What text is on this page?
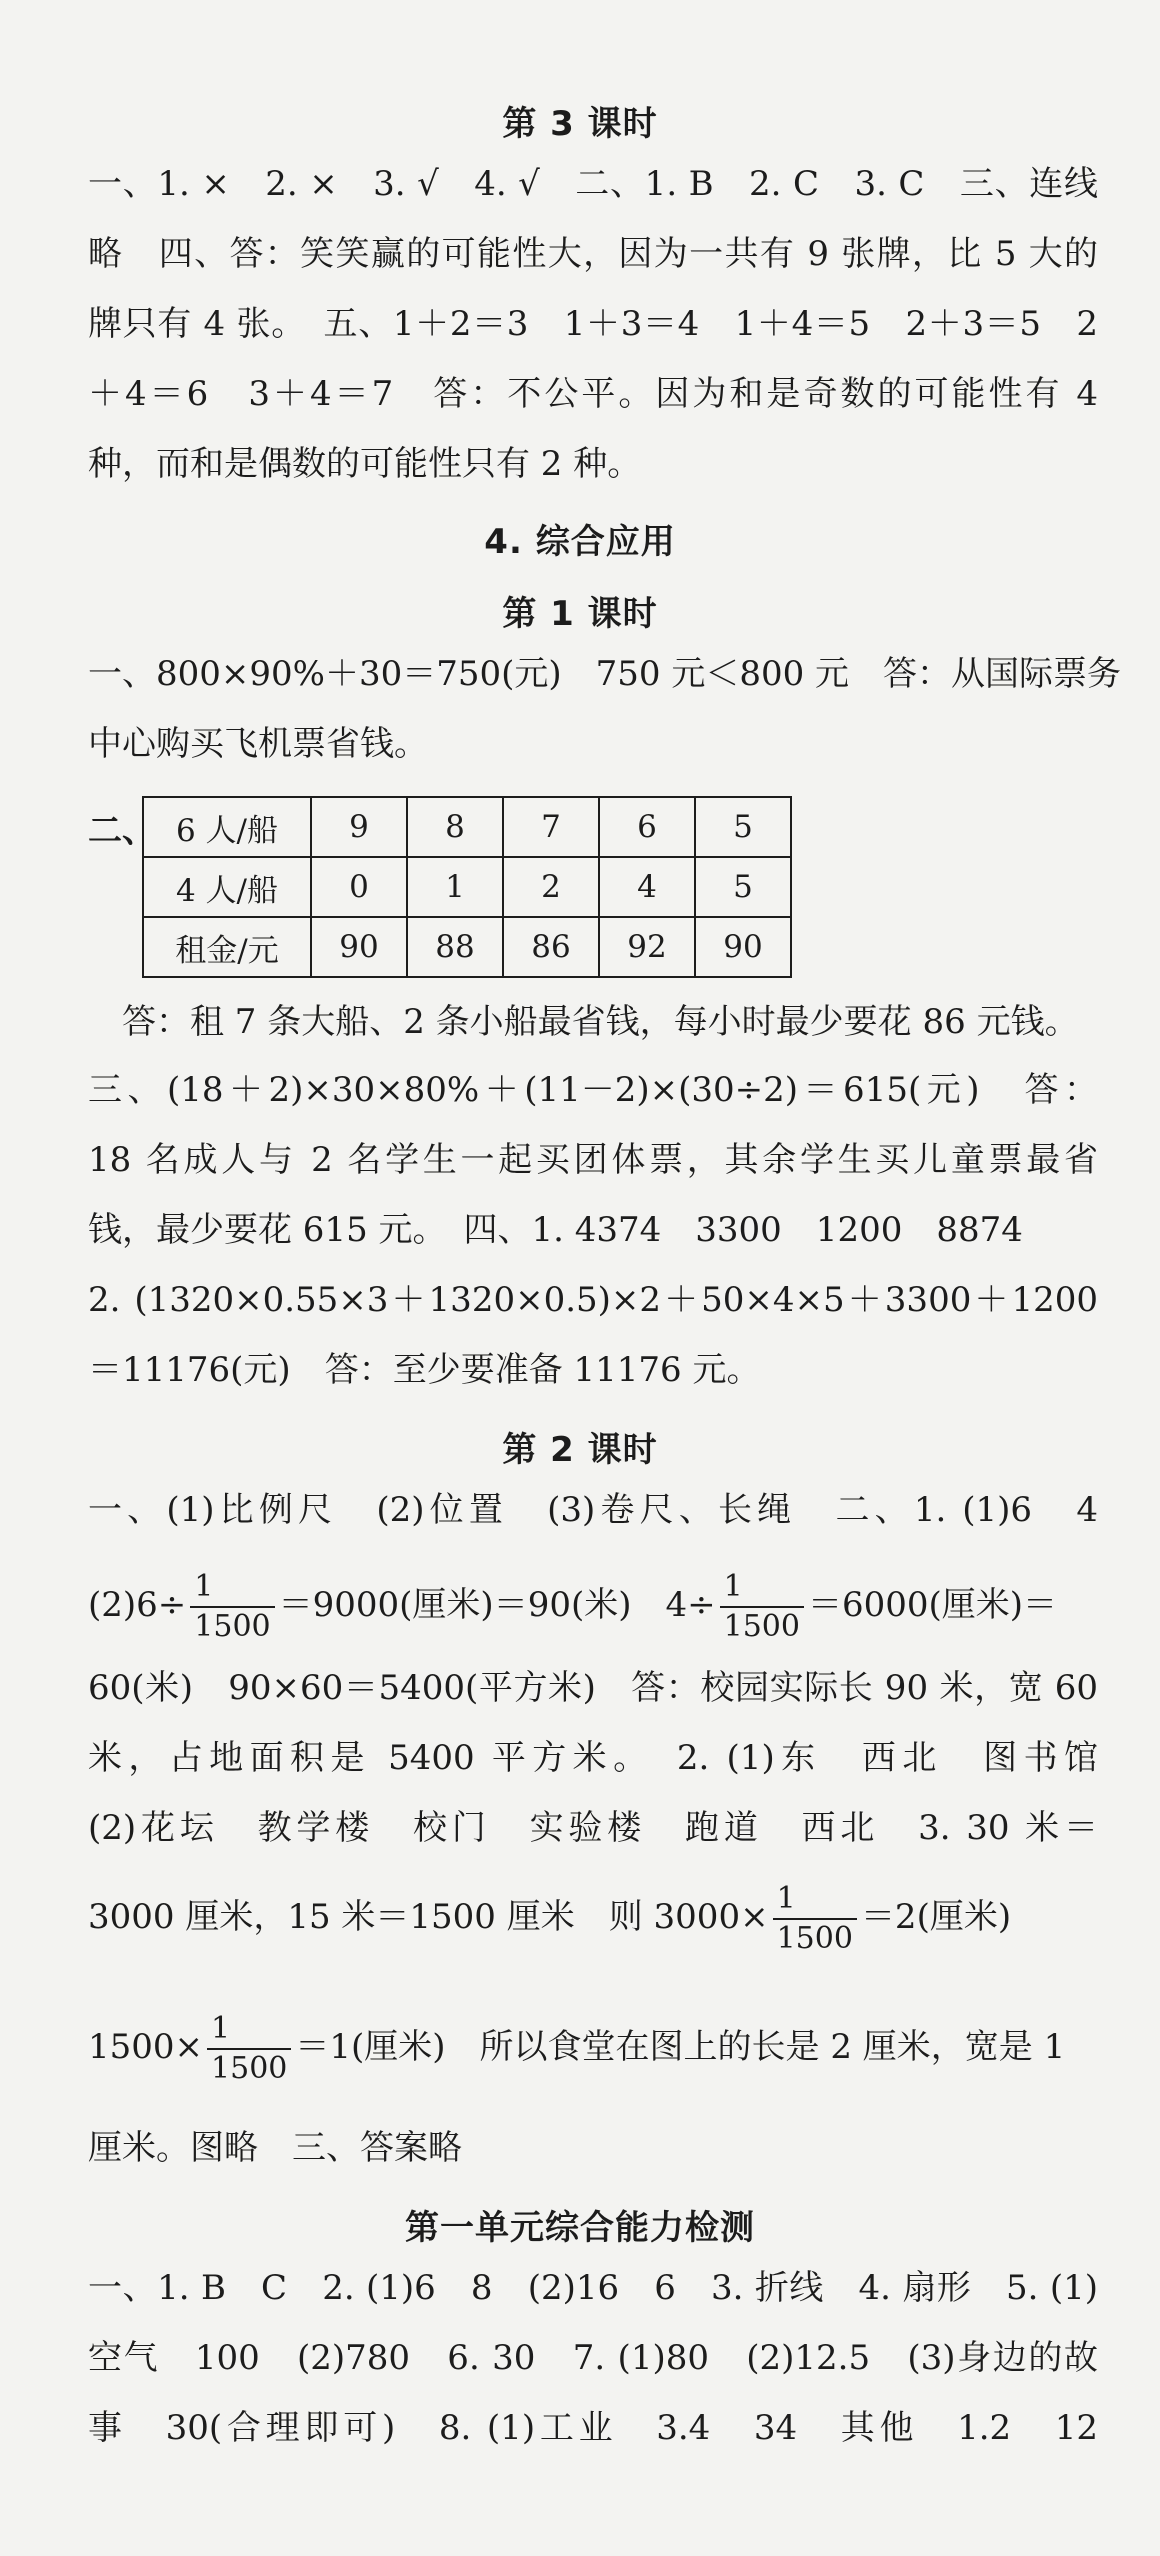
第 3 课时
一、1. ×　2. ×　3. √　4. √　二、1. B　2. C　3. C　三、连线
略　四、答：笑笑赢的可能性大，因为一共有 9 张牌，比 5 大的
牌只有 4 张。　五、1＋2＝3　1＋3＝4　1＋4＝5　2＋3＝5　2
＋4＝6　3＋4＝7　答：不公平。因为和是奇数的可能性有 4
种，而和是偶数的可能性只有 2 种。
4. 综合应用
第 1 课时
一、800×90%＋30＝750(元)　750 元＜800 元　答：从国际票务
中心购买飞机票省钱。
二、 6 人/船	9	8	7	6	5
4 人/船	0	1	2	4	5
租金/元	90	88	86	92	90
　答：租 7 条大船、2 条小船最省钱，每小时最少要花 86 元钱。
三、(18＋2)×30×80%＋(11－2)×(30÷2)＝615(元)　答：
18 名成人与 2 名学生一起买团体票，其余学生买儿童票最省
钱，最少要花 615 元。　四、1. 4374　3300　1200　8874
2. (1320×0.55×3＋1320×0.5)×2＋50×4×5＋3300＋1200
＝11176(元)　答：至少要准备 11176 元。
第 2 课时
一、(1)比例尺　(2)位置　(3)卷尺、长绳　二、1. (1)6　4
$(2)6\div \frac{1}{1500} =9000$(厘米)＝90(米)　$4\div \frac{1}{1500} =6000$(厘米)＝
60(米)　90×60＝5400(平方米)　答：校园实际长 90 米，宽 60
米，占地面积是 5400 平方米。　2. (1)东　西北　图书馆
(2)花坛　教学楼　校门　实验楼　跑道　西北　3. 30 米＝
3000 厘米，15 米＝1500 厘米　则 $3000\times \frac{1}{1500} =2$(厘米)
$1500\times \frac{1}{1500} =1$(厘米)　所以食堂在图上的长是 2 厘米，宽是 1
厘米。图略　三、答案略
第一单元综合能力检测
一、1. B　C　2. (1)6　8　(2)16　6　3. 折线　4. 扇形　5. (1)
空气　100　(2)780　6. 30　7. (1)80　(2)12.5　(3)身边的故
事　30(合理即可)　8. (1)工业　3.4　34　其他　1.2　12
